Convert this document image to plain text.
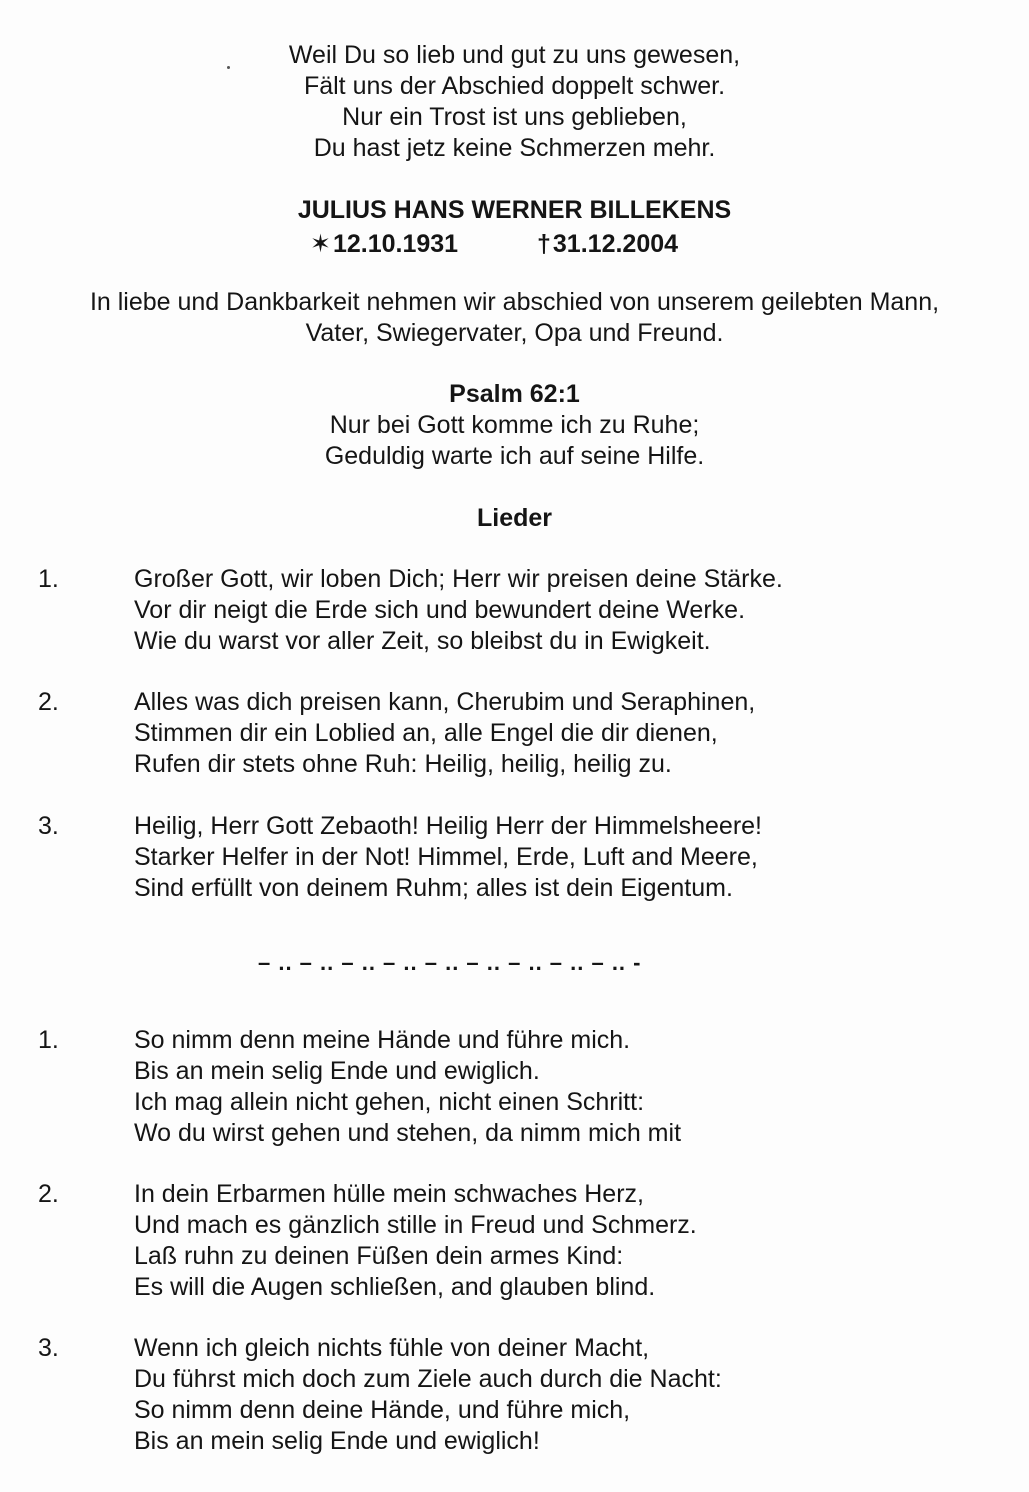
Weil Du so lieb und gut zu uns gewesen,
Fält uns der Abschied doppelt schwer.
Nur ein Trost ist uns geblieben,
Du hast jetz keine Schmerzen mehr.
JULIUS HANS WERNER BILLEKENS
✶12.10.1931	†31.12.2004
In liebe und Dankbarkeit nehmen wir abschied von unserem geilebten Mann,
Vater, Swiegervater, Opa und Freund.
Psalm 62:1
Nur bei Gott komme ich zu Ruhe;
Geduldig warte ich auf seine Hilfe.
Lieder
1.	Großer Gott, wir loben Dich; Herr wir preisen deine Stärke.
Vor dir neigt die Erde sich und bewundert deine Werke.
Wie du warst vor aller Zeit, so bleibst du in Ewigkeit.
2.	Alles was dich preisen kann, Cherubim und Seraphinen,
Stimmen dir ein Loblied an, alle Engel die dir dienen,
Rufen dir stets ohne Ruh: Heilig, heilig, heilig zu.
3.	Heilig, Herr Gott Zebaoth! Heilig Herr der Himmelsheere!
Starker Helfer in der Not! Himmel, Erde, Luft and Meere,
Sind erfüllt von deinem Ruhm; alles ist dein Eigentum.
– .. – .. – .. – .. – .. – .. – .. – .. – .. -
1.	So nimm denn meine Hände und führe mich.
Bis an mein selig Ende und ewiglich.
Ich mag allein nicht gehen, nicht einen Schritt:
Wo du wirst gehen und stehen, da nimm mich mit
2.	In dein Erbarmen hülle mein schwaches Herz,
Und mach es gänzlich stille in Freud und Schmerz.
Laß ruhn zu deinen Füßen dein armes Kind:
Es will die Augen schließen, and glauben blind.
3.	Wenn ich gleich nichts fühle von deiner Macht,
Du führst mich doch zum Ziele auch durch die Nacht:
So nimm denn deine Hände, und führe mich,
Bis an mein selig Ende und ewiglich!
